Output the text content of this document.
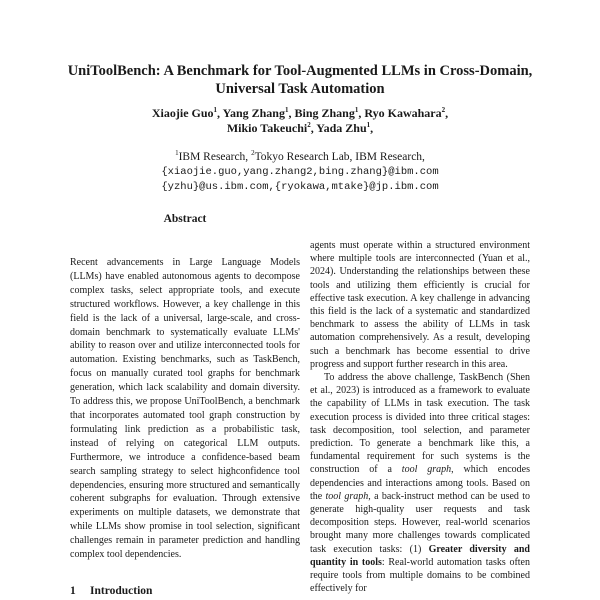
UniToolBench: A Benchmark for Tool-Augmented LLMs in Cross-Domain,
Universal Task Automation
Xiaojie Guo$^1$, Yang Zhang$^1$, Bing Zhang$^1$, Ryo Kawahara$^2$,
Mikio Takeuchi$^2$, Yada Zhu$^1$,
$^1$IBM Research, $^2$Tokyo Research Lab, IBM Research,
{xiaojie.guo,yang.zhang2,bing.zhang}@ibm.com
{yzhu}@us.ibm.com,{ryokawa,mtake}@jp.ibm.com
Abstract
Recent advancements in Large Language Models (LLMs) have enabled autonomous agents to decompose complex tasks, select appropriate tools, and execute structured workflows. However, a key challenge in this field is the lack of a universal, large-scale, and cross-domain benchmark to systematically evaluate LLMs' ability to reason over and utilize interconnected tools for automation. Existing benchmarks, such as TaskBench, focus on manually curated tool graphs for benchmark generation, which lack scalability and domain diversity. To address this, we propose UniToolBench, a benchmark that incorporates automated tool graph construction by formulating link prediction as a probabilistic task, instead of relying on categorical LLM outputs. Furthermore, we introduce a confidence-based beam search sampling strategy to select highconfidence tool dependencies, ensuring more structured and semantically coherent subgraphs for evaluation. Through extensive experiments on multiple datasets, we demonstrate that while LLMs show promise in tool selection, significant challenges remain in parameter prediction and handling complex tool dependencies.
1 Introduction

agents must operate within a structured environment where multiple tools are interconnected (Yuan et al., 2024). Understanding the relationships between these tools and utilizing them efficiently is crucial for effective task execution. A key challenge in advancing this field is the lack of a systematic and standardized benchmark to assess the ability of LLMs in task automation comprehensively. As a result, developing such a benchmark has become essential to drive progress and support further research in this area.

To address the above challenge, TaskBench (Shen et al., 2023) is introduced as a framework to evaluate the capability of LLMs in task execution. The task execution process is divided into three critical stages: task decomposition, tool selection, and parameter prediction. To generate a benchmark like this, a fundamental requirement for such systems is the construction of a tool graph, which encodes dependencies and interactions among tools. Based on the tool graph, a back-instruct method can be used to generate high-quality user requests and task decomposition steps. However, real-world scenarios brought many more challenges towards complicated task execution tasks: (1) Greater diversity and quantity in tools: Real-world automation tasks often require tools from multiple domains to be combined effectively for
